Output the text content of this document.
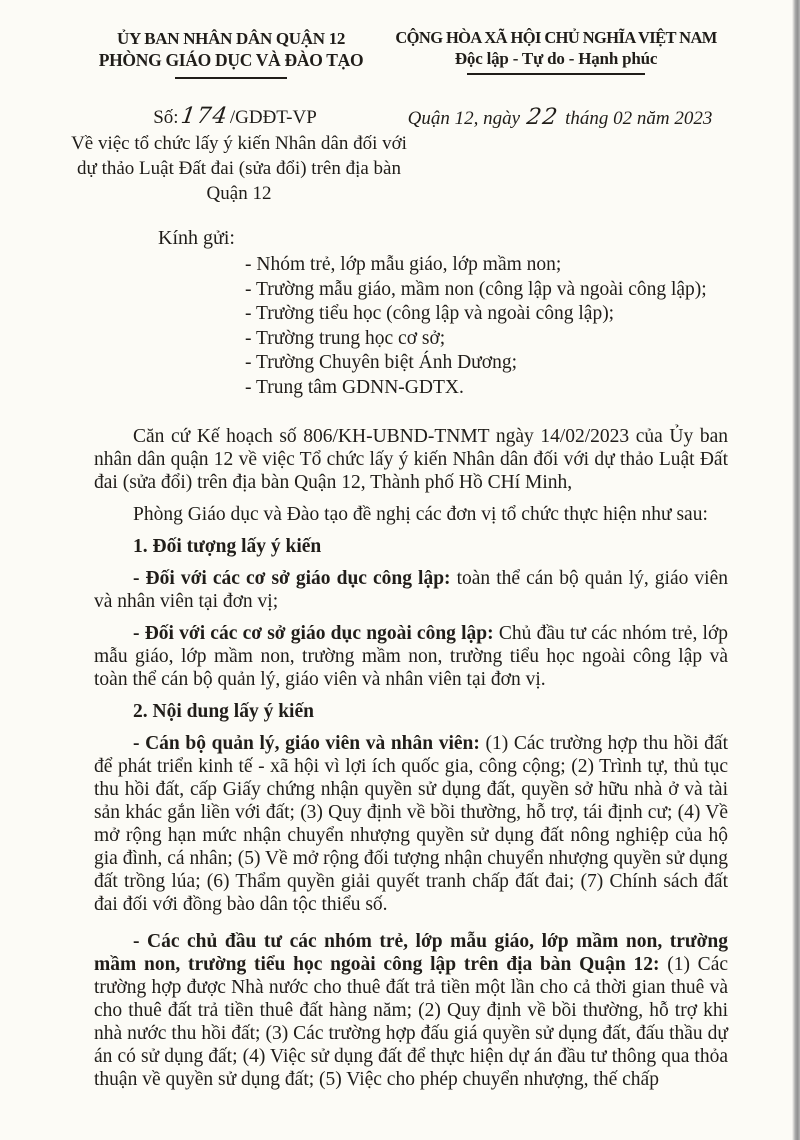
ỦY BAN NHÂN DÂN QUẬN 12
PHÒNG GIÁO DỤC VÀ ĐÀO TẠO
CỘNG HÒA XÃ HỘI CHỦ NGHĨA VIỆT NAM
Độc lập - Tự do - Hạnh phúc
Số:174/GDĐT-VP
Về việc tổ chức lấy ý kiến Nhân dân đối với dự thảo Luật Đất đai (sửa đổi) trên địa bàn Quận 12
Quận 12, ngày 22 tháng 02 năm 2023
Kính gửi:
- Nhóm trẻ, lớp mẫu giáo, lớp mầm non;
- Trường mẫu giáo, mầm non (công lập và ngoài công lập);
- Trường tiểu học (công lập và ngoài công lập);
- Trường trung học cơ sở;
- Trường Chuyên biệt Ánh Dương;
- Trung tâm GDNN-GDTX.

Căn cứ Kế hoạch số 806/KH-UBND-TNMT ngày 14/02/2023 của Ủy ban nhân dân quận 12 về việc Tổ chức lấy ý kiến Nhân dân đối với dự thảo Luật Đất đai (sửa đổi) trên địa bàn Quận 12, Thành phố Hồ CHí Minh,

Phòng Giáo dục và Đào tạo đề nghị các đơn vị tổ chức thực hiện như sau:

1. Đối tượng lấy ý kiến

- Đối với các cơ sở giáo dục công lập: toàn thể cán bộ quản lý, giáo viên và nhân viên tại đơn vị;

- Đối với các cơ sở giáo dục ngoài công lập: Chủ đầu tư các nhóm trẻ, lớp mẫu giáo, lớp mầm non, trường mầm non, trường tiểu học ngoài công lập và toàn thể cán bộ quản lý, giáo viên và nhân viên tại đơn vị.

2. Nội dung lấy ý kiến

- Cán bộ quản lý, giáo viên và nhân viên: (1) Các trường hợp thu hồi đất để phát triển kinh tế - xã hội vì lợi ích quốc gia, công cộng; (2) Trình tự, thủ tục thu hồi đất, cấp Giấy chứng nhận quyền sử dụng đất, quyền sở hữu nhà ở và tài sản khác gắn liền với đất; (3) Quy định về bồi thường, hỗ trợ, tái định cư; (4) Về mở rộng hạn mức nhận chuyển nhượng quyền sử dụng đất nông nghiệp của hộ gia đình, cá nhân; (5) Về mở rộng đối tượng nhận chuyển nhượng quyền sử dụng đất trồng lúa; (6) Thẩm quyền giải quyết tranh chấp đất đai; (7) Chính sách đất đai đối với đồng bào dân tộc thiểu số.

- Các chủ đầu tư các nhóm trẻ, lớp mẫu giáo, lớp mầm non, trường mầm non, trường tiểu học ngoài công lập trên địa bàn Quận 12: (1) Các trường hợp được Nhà nước cho thuê đất trả tiền một lần cho cả thời gian thuê và cho thuê đất trả tiền thuê đất hàng năm; (2) Quy định về bồi thường, hỗ trợ khi nhà nước thu hồi đất; (3) Các trường hợp đấu giá quyền sử dụng đất, đấu thầu dự án có sử dụng đất; (4) Việc sử dụng đất để thực hiện dự án đầu tư thông qua thỏa thuận về quyền sử dụng đất; (5) Việc cho phép chuyển nhượng, thế chấp
